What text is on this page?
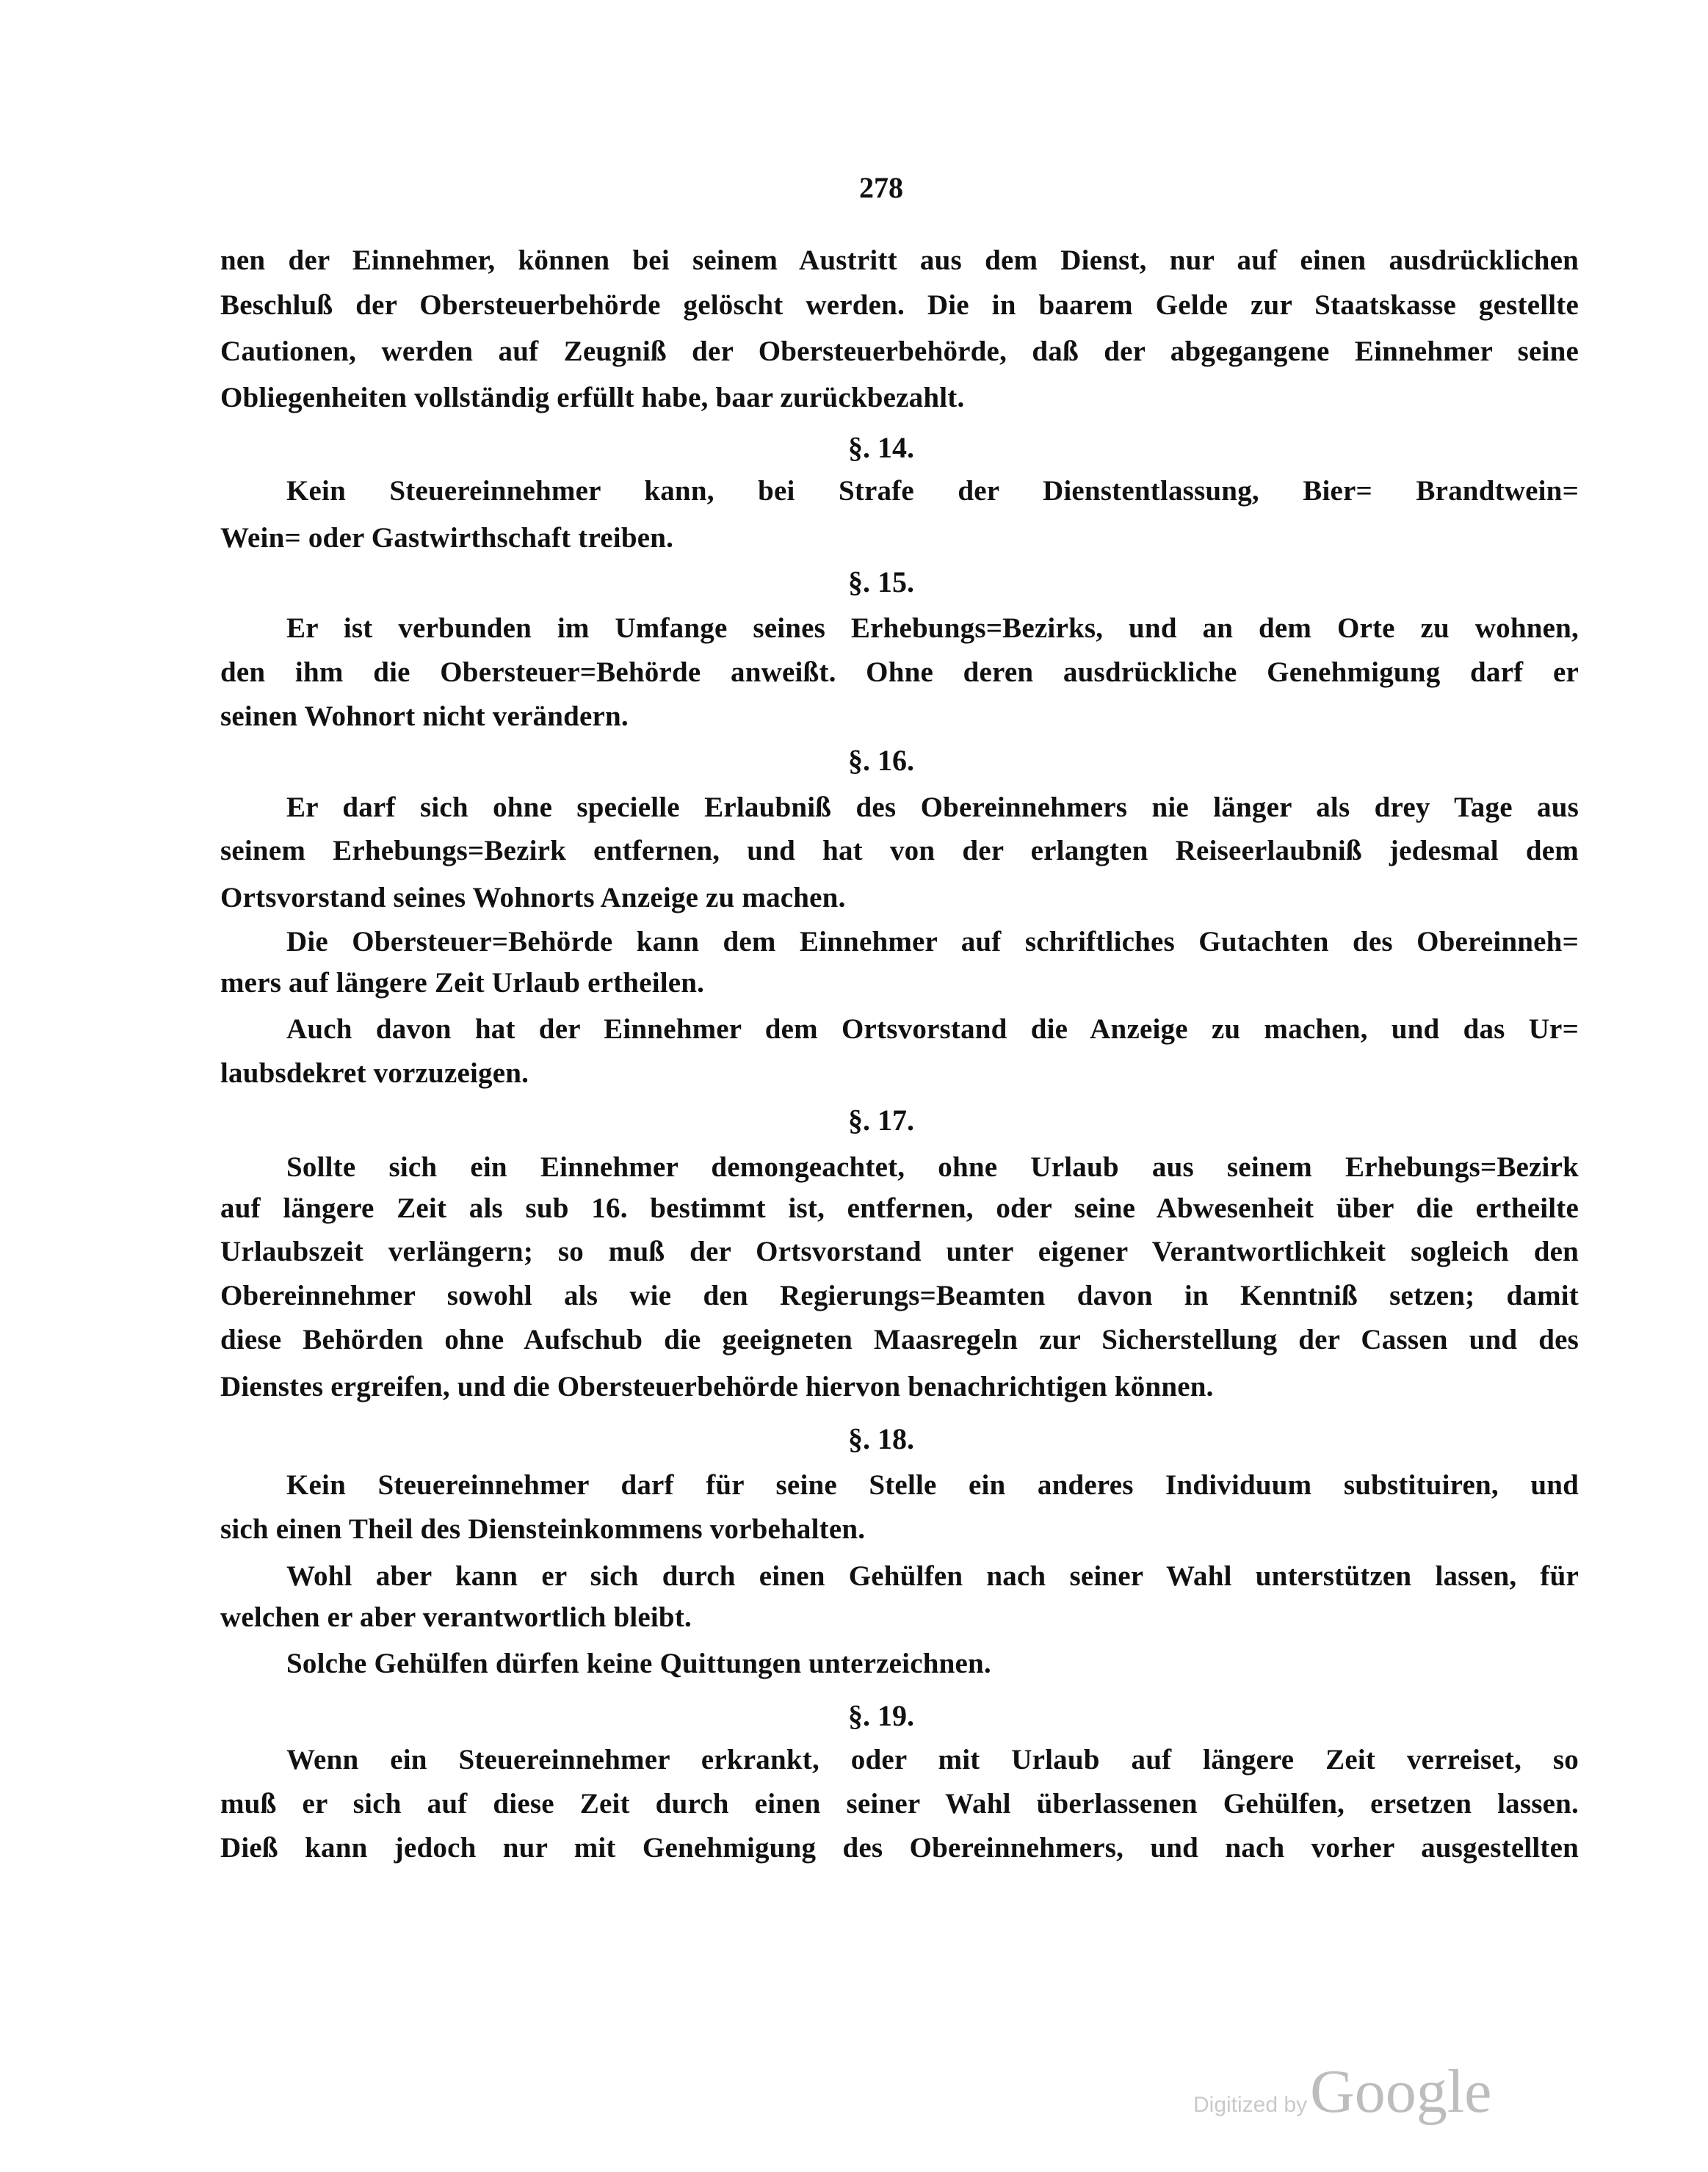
278
nen der Einnehmer, können bei seinem Austritt aus dem Dienst, nur auf einen ausdrücklichen
Beschluß der Obersteuerbehörde gelöscht werden. Die in baarem Gelde zur Staatskasse gestellte
Cautionen, werden auf Zeugniß der Obersteuerbehörde, daß der abgegangene Einnehmer seine
Obliegenheiten vollständig erfüllt habe, baar zurückbezahlt.
§. 14.
Kein Steuereinnehmer kann, bei Strafe der Dienstentlassung, Bier= Brandtwein=
Wein= oder Gastwirthschaft treiben.
§. 15.
Er ist verbunden im Umfange seines Erhebungs=Bezirks, und an dem Orte zu wohnen,
den ihm die Obersteuer=Behörde anweißt. Ohne deren ausdrückliche Genehmigung darf er
seinen Wohnort nicht verändern.
§. 16.
Er darf sich ohne specielle Erlaubniß des Obereinnehmers nie länger als drey Tage aus
seinem Erhebungs=Bezirk entfernen, und hat von der erlangten Reiseerlaubniß jedesmal dem
Ortsvorstand seines Wohnorts Anzeige zu machen.
Die Obersteuer=Behörde kann dem Einnehmer auf schriftliches Gutachten des Obereinneh=
mers auf längere Zeit Urlaub ertheilen.
Auch davon hat der Einnehmer dem Ortsvorstand die Anzeige zu machen, und das Ur=
laubsdekret vorzuzeigen.
§. 17.
Sollte sich ein Einnehmer demongeachtet, ohne Urlaub aus seinem Erhebungs=Bezirk
auf längere Zeit als sub 16. bestimmt ist, entfernen, oder seine Abwesenheit über die ertheilte
Urlaubszeit verlängern; so muß der Ortsvorstand unter eigener Verantwortlichkeit sogleich den
Obereinnehmer sowohl als wie den Regierungs=Beamten davon in Kenntniß setzen; damit
diese Behörden ohne Aufschub die geeigneten Maasregeln zur Sicherstellung der Cassen und des
Dienstes ergreifen, und die Obersteuerbehörde hiervon benachrichtigen können.
§. 18.
Kein Steuereinnehmer darf für seine Stelle ein anderes Individuum substituiren, und
sich einen Theil des Diensteinkommens vorbehalten.
Wohl aber kann er sich durch einen Gehülfen nach seiner Wahl unterstützen lassen, für
welchen er aber verantwortlich bleibt.
Solche Gehülfen dürfen keine Quittungen unterzeichnen.
§. 19.
Wenn ein Steuereinnehmer erkrankt, oder mit Urlaub auf längere Zeit verreiset, so
muß er sich auf diese Zeit durch einen seiner Wahl überlassenen Gehülfen, ersetzen lassen.
Dieß kann jedoch nur mit Genehmigung des Obereinnehmers, und nach vorher ausgestellten
Digitized by Google
